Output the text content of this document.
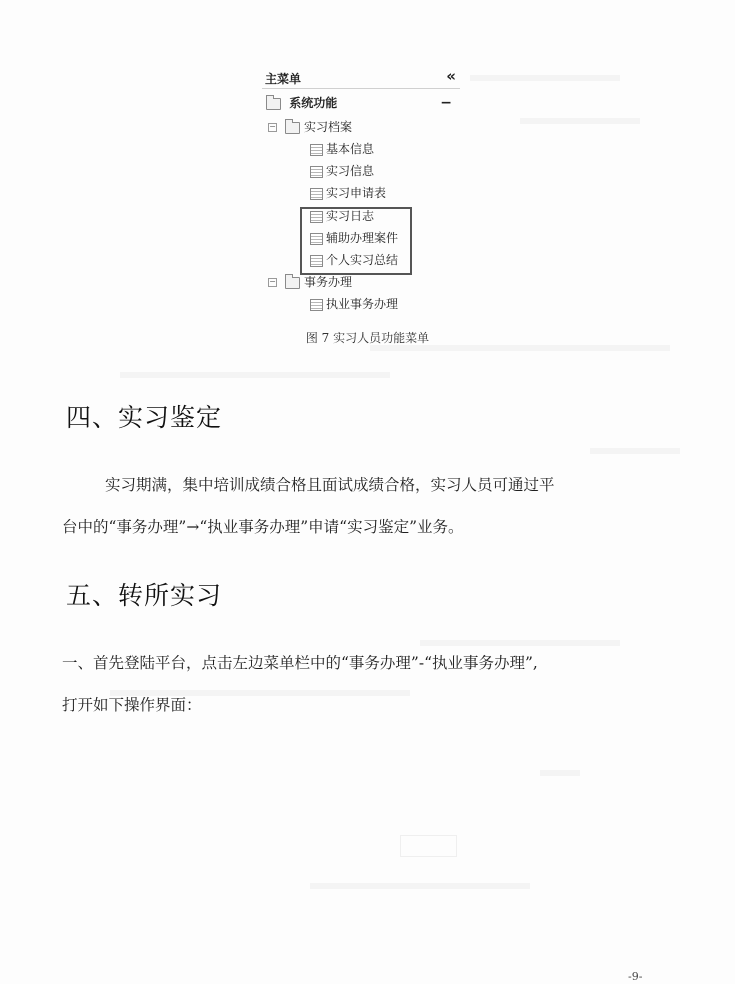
主菜单	«
系统功能	−
− 实习档案
基本信息
实习信息
实习申请表
实习日志
辅助办理案件
个人实习总结
− 事务办理
执业事务办理
图 7 实习人员功能菜单
四、实习鉴定
实习期满，集中培训成绩合格且面试成绩合格，实习人员可通过平
台中的“事务办理”→“执业事务办理”申请“实习鉴定”业务。
五、转所实习
一、首先登陆平台，点击左边菜单栏中的“事务办理”-“执业事务办理”,
打开如下操作界面：
-9-
